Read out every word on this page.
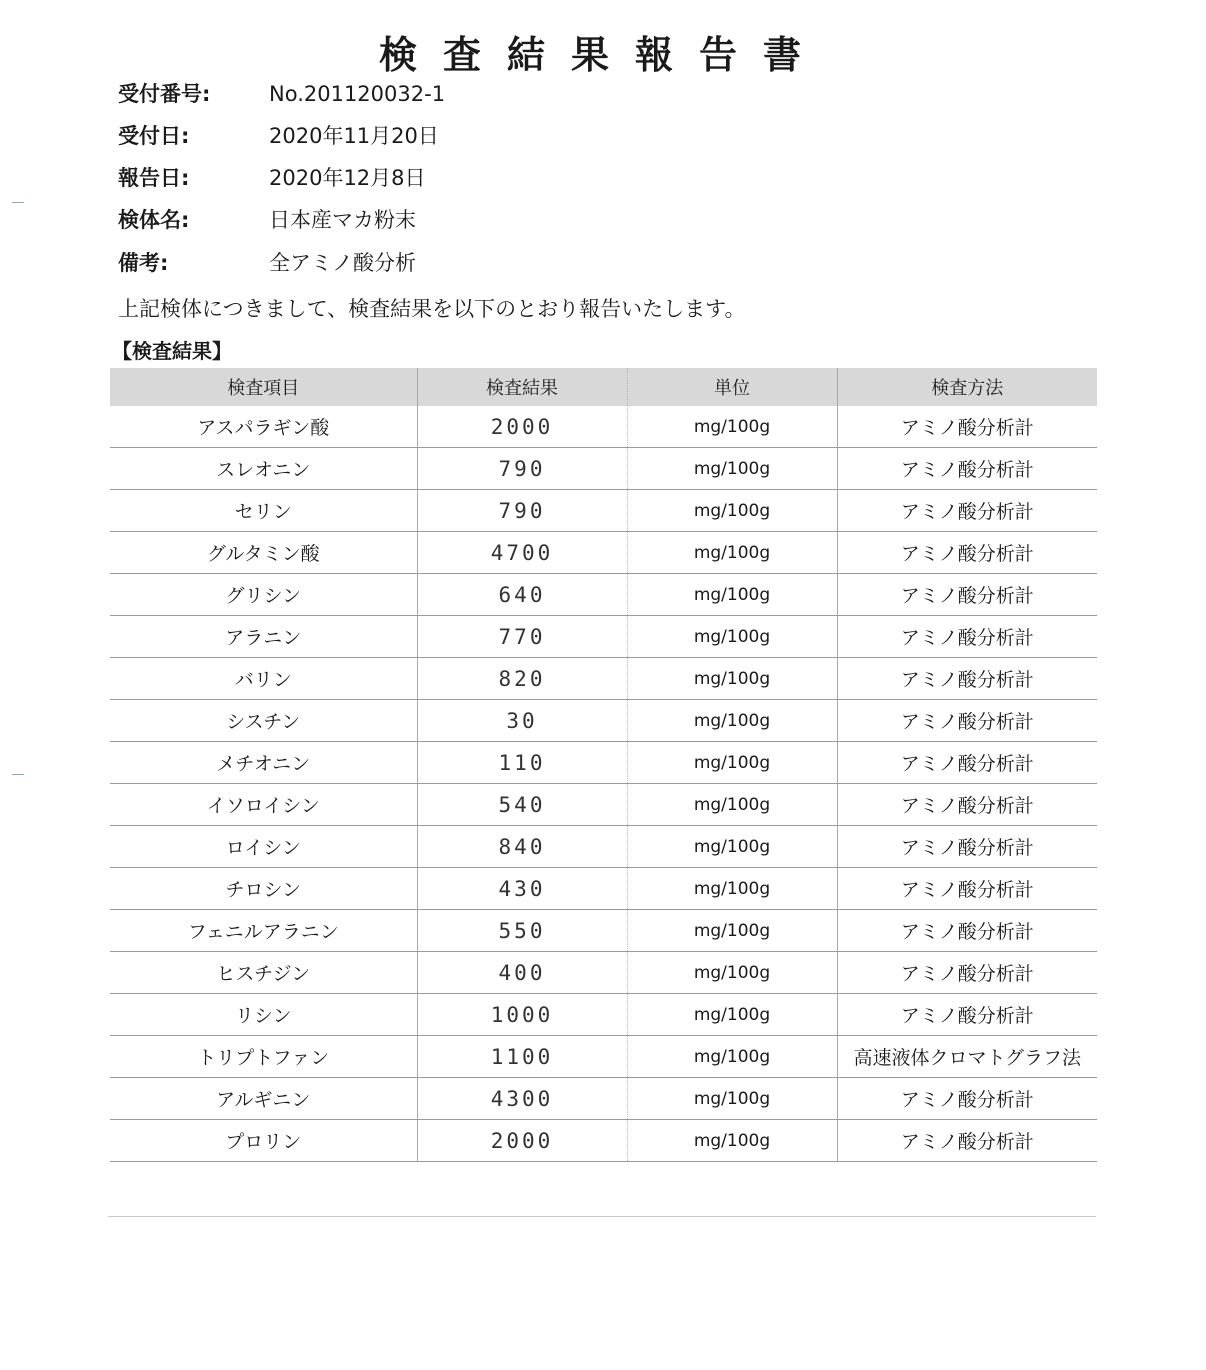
検査結果報告書
受付番号:	No.201120032-1
受付日:	2020年11月20日
報告日:	2020年12月8日
検体名:	日本産マカ粉末
備考:	全アミノ酸分析
上記検体につきまして、検査結果を以下のとおり報告いたします。
【検査結果】
検査項目	検査結果	単位	検査方法
アスパラギン酸	2000	mg/100g	アミノ酸分析計
スレオニン	790	mg/100g	アミノ酸分析計
セリン	790	mg/100g	アミノ酸分析計
グルタミン酸	4700	mg/100g	アミノ酸分析計
グリシン	640	mg/100g	アミノ酸分析計
アラニン	770	mg/100g	アミノ酸分析計
バリン	820	mg/100g	アミノ酸分析計
シスチン	30	mg/100g	アミノ酸分析計
メチオニン	110	mg/100g	アミノ酸分析計
イソロイシン	540	mg/100g	アミノ酸分析計
ロイシン	840	mg/100g	アミノ酸分析計
チロシン	430	mg/100g	アミノ酸分析計
フェニルアラニン	550	mg/100g	アミノ酸分析計
ヒスチジン	400	mg/100g	アミノ酸分析計
リシン	1000	mg/100g	アミノ酸分析計
トリプトファン	1100	mg/100g	高速液体クロマトグラフ法
アルギニン	4300	mg/100g	アミノ酸分析計
プロリン	2000	mg/100g	アミノ酸分析計
